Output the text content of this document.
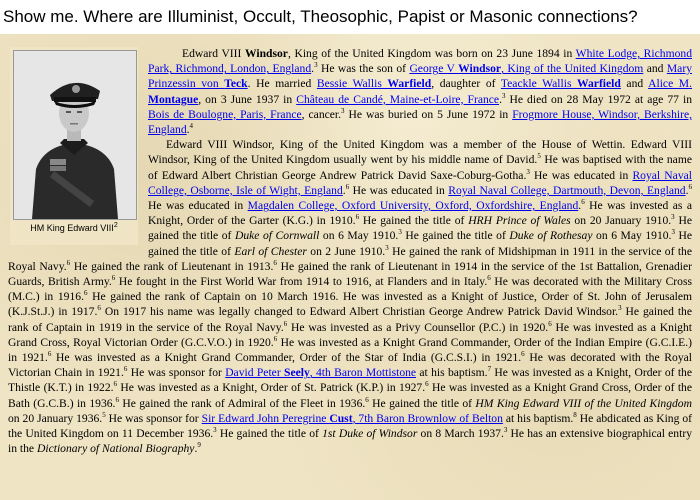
Show me. Where are Illuminist, Occult, Theosophic, Papist or Masonic connections?
HM King Edward VIII$^2$

Edward VIII Windsor, King of the United Kingdom was born on 23 June 1894 in White Lodge, Richmond Park, Richmond, London, England.$^3$ He was the son of George V Windsor, King of the United Kingdom and Mary Prinzessin von Teck. He married Bessie Wallis Warfield, daughter of Teackle Wallis Warfield and Alice M. Montague, on 3 June 1937 in Château de Candé, Maine-et-Loire, France.$^3$ He died on 28 May 1972 at age 77 in Bois de Boulogne, Paris, France, cancer.$^3$ He was buried on 5 June 1972 in Frogmore House, Windsor, Berkshire, England.$^4$

Edward VIII Windsor, King of the United Kingdom was a member of the House of Wettin. Edward VIII Windsor, King of the United Kingdom usually went by his middle name of David.$^5$ He was baptised with the name of Edward Albert Christian George Andrew Patrick David Saxe-Coburg-Gotha.$^3$ He was educated in Royal Naval College, Osborne, Isle of Wight, England.$^6$ He was educated in Royal Naval College, Dartmouth, Devon, England.$^6$ He was educated in Magdalen College, Oxford University, Oxford, Oxfordshire, England.$^6$ He was invested as a Knight, Order of the Garter (K.G.) in 1910.$^6$ He gained the title of HRH Prince of Wales on 20 January 1910.$^3$ He gained the title of Duke of Cornwall on 6 May 1910.$^3$ He gained the title of Duke of Rothesay on 6 May 1910.$^3$ He gained the title of Earl of Chester on 2 June 1910.$^3$ He gained the rank of Midshipman in 1911 in the service of the Royal Navy.$^6$ He gained the rank of Lieutenant in 1913.$^6$ He gained the rank of Lieutenant in 1914 in the service of the 1st Battalion, Grenadier Guards, British Army.$^6$ He fought in the First World War from 1914 to 1916, at Flanders and in Italy.$^6$ He was decorated with the Military Cross (M.C.) in 1916.$^6$ He gained the rank of Captain on 10 March 1916. He was invested as a Knight of Justice, Order of St. John of Jerusalem (K.J.St.J.) in 1917.$^6$ On 1917 his name was legally changed to Edward Albert Christian George Andrew Patrick David Windsor.$^3$ He gained the rank of Captain in 1919 in the service of the Royal Navy.$^6$ He was invested as a Privy Counsellor (P.C.) in 1920.$^6$ He was invested as a Knight Grand Cross, Royal Victorian Order (G.C.V.O.) in 1920.$^6$ He was invested as a Knight Grand Commander, Order of the Indian Empire (G.C.I.E.) in 1921.$^6$ He was invested as a Knight Grand Commander, Order of the Star of India (G.C.S.I.) in 1921.$^6$ He was decorated with the Royal Victorian Chain in 1921.$^6$ He was sponsor for David Peter Seely, 4th Baron Mottistone at his baptism.$^7$ He was invested as a Knight, Order of the Thistle (K.T.) in 1922.$^6$ He was invested as a Knight, Order of St. Patrick (K.P.) in 1927.$^6$ He was invested as a Knight Grand Cross, Order of the Bath (G.C.B.) in 1936.$^6$ He gained the rank of Admiral of the Fleet in 1936.$^6$ He gained the title of HM King Edward VIII of the United Kingdom on 20 January 1936.$^5$ He was sponsor for Sir Edward John Peregrine Cust, 7th Baron Brownlow of Belton at his baptism.$^8$ He abdicated as King of the United Kingdom on 11 December 1936.$^3$ He gained the title of 1st Duke of Windsor on 8 March 1937.$^3$ He has an extensive biographical entry in the Dictionary of National Biography.$^9$
